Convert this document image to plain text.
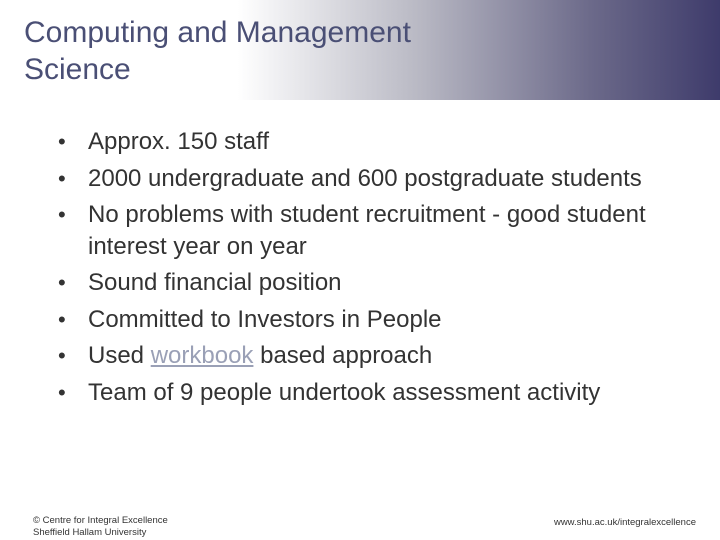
Computing and Management
Science
• Approx. 150 staff
• 2000 undergraduate and 600 postgraduate students
• No problems with student recruitment - good student interest year on year
• Sound financial position
• Committed to Investors in People
• Used workbook based approach
• Team of 9 people undertook assessment activity
© Centre for Integral Excellence
Sheffield Hallam University
www.shu.ac.uk/integralexcellence
